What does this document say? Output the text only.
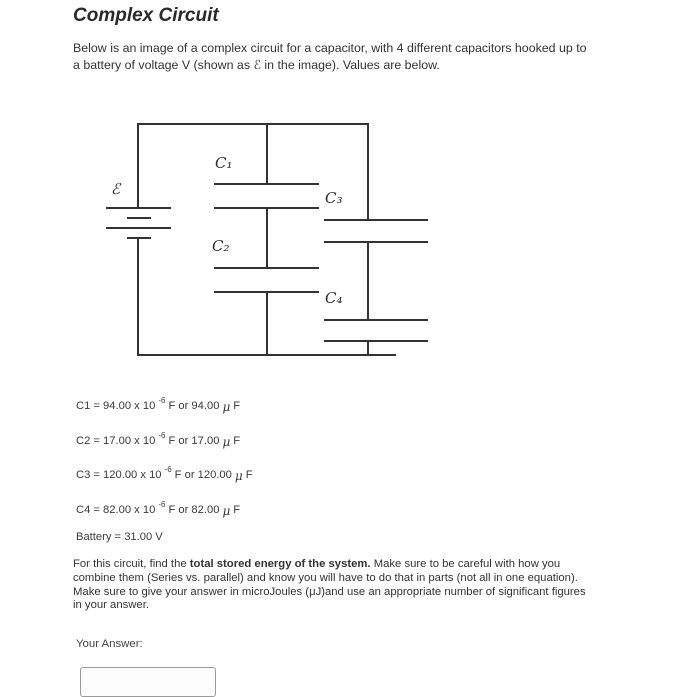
Complex Circuit
Below is an image of a complex circuit for a capacitor, with 4 different capacitors hooked up to a battery of voltage V (shown as ℰ in the image). Values are below.
ℰ
C₁
C₂
C₃
C₄
C1 = 94.00 x 10 -6 F or 94.00 μ F
C2 = 17.00 x 10 -6 F or 17.00 μ F
C3 = 120.00 x 10 -6 F or 120.00 μ F
C4 = 82.00 x 10 -6 F or 82.00 μ F
Battery = 31.00 V
For this circuit, find the total stored energy of the system. Make sure to be careful with how you combine them (Series vs. parallel) and know you will have to do that in parts (not all in one equation). Make sure to give your answer in microJoules (μJ)and use an appropriate number of significant figures in your answer.
Your Answer:
